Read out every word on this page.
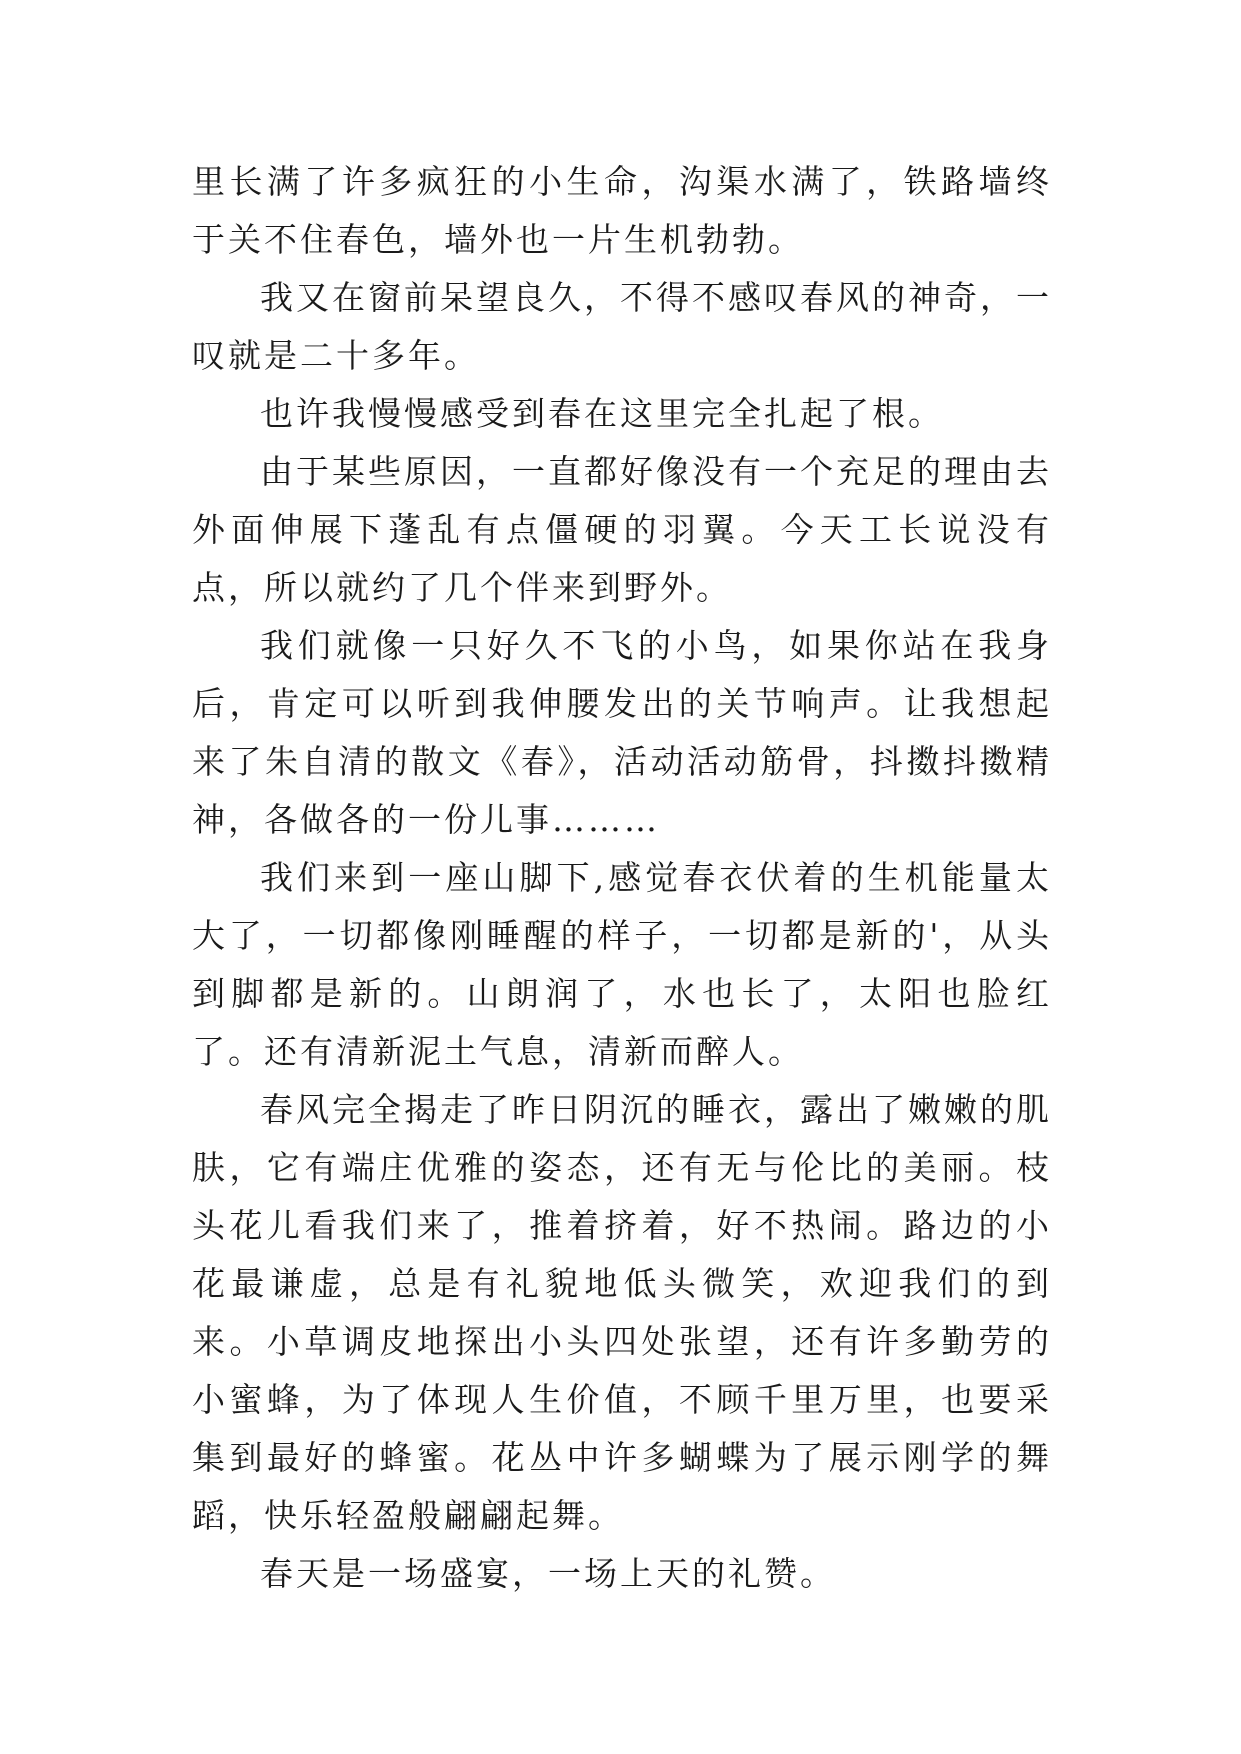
里长满了许多疯狂的小生命，沟渠水满了，铁路墙终于关不住春色，墙外也一片生机勃勃。

我又在窗前呆望良久，不得不感叹春风的神奇，一叹就是二十多年。

也许我慢慢感受到春在这里完全扎起了根。

由于某些原因，一直都好像没有一个充足的理由去外面伸展下蓬乱有点僵硬的羽翼。今天工长说没有点，所以就约了几个伴来到野外。

我们就像一只好久不飞的小鸟，如果你站在我身后，肯定可以听到我伸腰发出的关节响声。让我想起来了朱自清的散文《春》，活动活动筋骨，抖擞抖擞精神，各做各的一份儿事………

我们来到一座山脚下,感觉春衣伏着的生机能量太大了，一切都像刚睡醒的样子，一切都是新的'，从头到脚都是新的。山朗润了，水也长了，太阳也脸红了。还有清新泥土气息，清新而醉人。

春风完全揭走了昨日阴沉的睡衣，露出了嫩嫩的肌肤，它有端庄优雅的姿态，还有无与伦比的美丽。枝头花儿看我们来了，推着挤着，好不热闹。路边的小花最谦虚，总是有礼貌地低头微笑，欢迎我们的到来。小草调皮地探出小头四处张望，还有许多勤劳的小蜜蜂，为了体现人生价值，不顾千里万里，也要采集到最好的蜂蜜。花丛中许多蝴蝶为了展示刚学的舞蹈，快乐轻盈般翩翩起舞。

春天是一场盛宴，一场上天的礼赞。
